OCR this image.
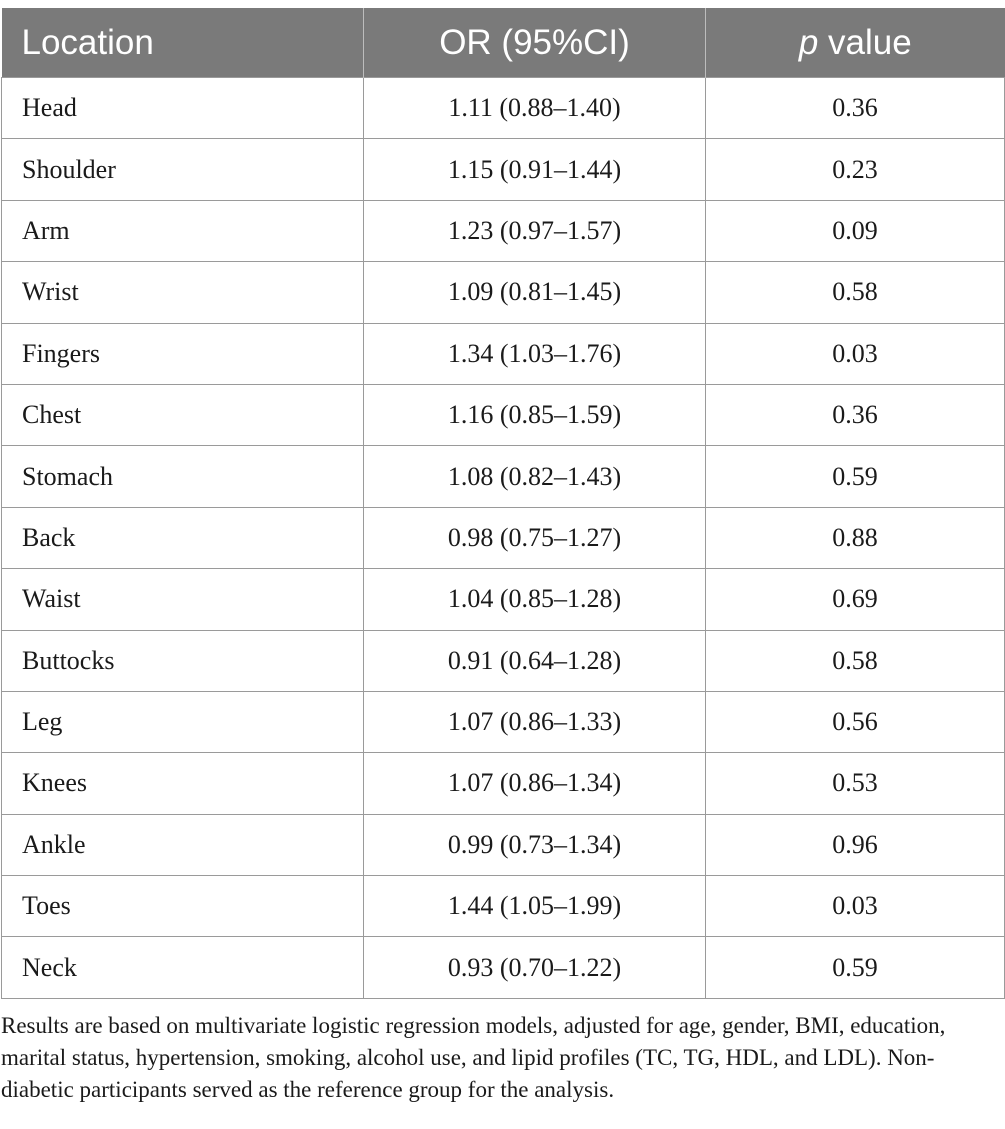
Location	OR (95%CI)	p value
Head	1.11 (0.88–1.40)	0.36
Shoulder	1.15 (0.91–1.44)	0.23
Arm	1.23 (0.97–1.57)	0.09
Wrist	1.09 (0.81–1.45)	0.58
Fingers	1.34 (1.03–1.76)	0.03
Chest	1.16 (0.85–1.59)	0.36
Stomach	1.08 (0.82–1.43)	0.59
Back	0.98 (0.75–1.27)	0.88
Waist	1.04 (0.85–1.28)	0.69
Buttocks	0.91 (0.64–1.28)	0.58
Leg	1.07 (0.86–1.33)	0.56
Knees	1.07 (0.86–1.34)	0.53
Ankle	0.99 (0.73–1.34)	0.96
Toes	1.44 (1.05–1.99)	0.03
Neck	0.93 (0.70–1.22)	0.59

Results are based on multivariate logistic regression models, adjusted for age, gender, BMI, education, marital status, hypertension, smoking, alcohol use, and lipid profiles (TC, TG, HDL, and LDL). Non-diabetic participants served as the reference group for the analysis.
